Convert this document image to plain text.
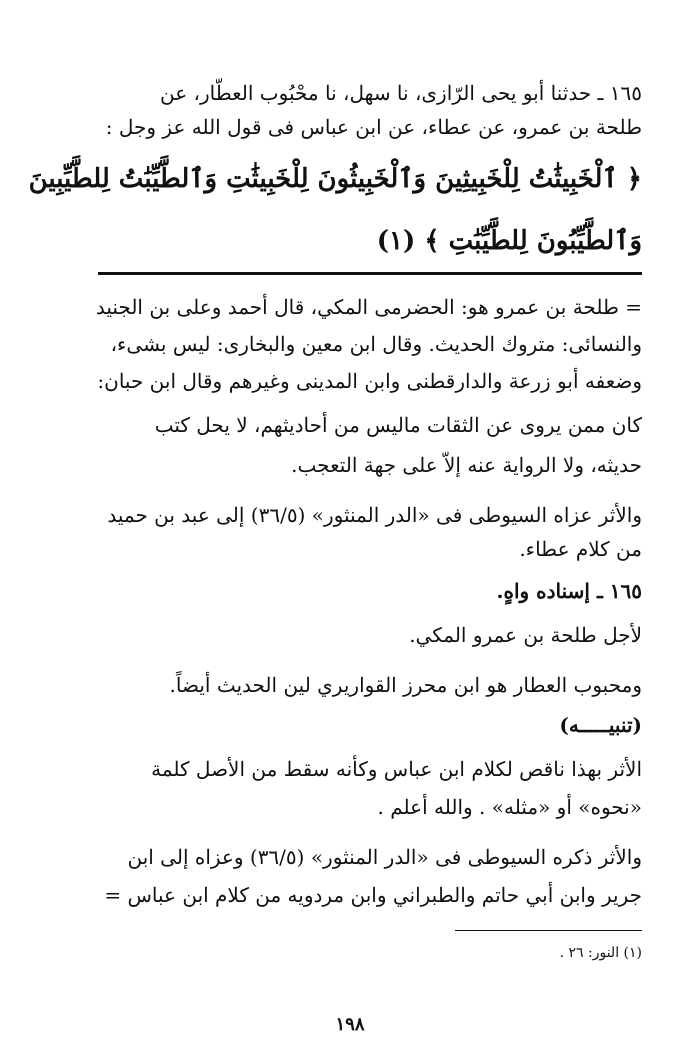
١٦٥ ـ حدثنا أبو يحى الرّازى، نا سهل، نا محْبُوب العطّار، عن
طلحة بن عمرو، عن عطاء، عن ابن عباس فى قول الله عز وجل :
﴿ ٱلْخَبِيثَٰتُ لِلْخَبِيثِينَ وَٱلْخَبِيثُونَ لِلْخَبِيثَٰتِ وَٱلطَّيِّبَٰتُ لِلطَّيِّبِينَ
وَٱلطَّيِّبُونَ لِلطَّيِّبَٰتِ ﴾ (١)
= طلحة بن عمرو هو: الحضرمى المكي، قال أحمد وعلى بن الجنيد
والنسائى: متروك الحديث. وقال ابن معين والبخارى: ليس بشىء،
وضعفه أبو زرعة والدارقطنى وابن المدينى وغيرهم وقال ابن حبان:
كان ممن يروى عن الثقات ماليس من أحاديثهم، لا يحل كتب
حديثه، ولا الرواية عنه إلاّ على جهة التعجب.
والأثر عزاه السيوطى فى «الدر المنثور» (٣٦/٥) إلى عبد بن حميد
من كلام عطاء.
١٦٥ ـ إسناده واهٍ.
لأجل طلحة بن عمرو المكي.
ومحبوب العطار هو ابن محرز القواريري لين الحديث أيضاً.
(تنبيـــــه)
الأثر بهذا ناقص لكلام ابن عباس وكأنه سقط من الأصل كلمة
«نحوه» أو «مثله» . والله أعلم .
والأثر ذكره السيوطى فى «الدر المنثور» (٣٦/٥) وعزاه إلى ابن
جرير وابن أبي حاتم والطبراني وابن مردويه من كلام ابن عباس =
(١) النور: ٢٦ .
١٩٨
